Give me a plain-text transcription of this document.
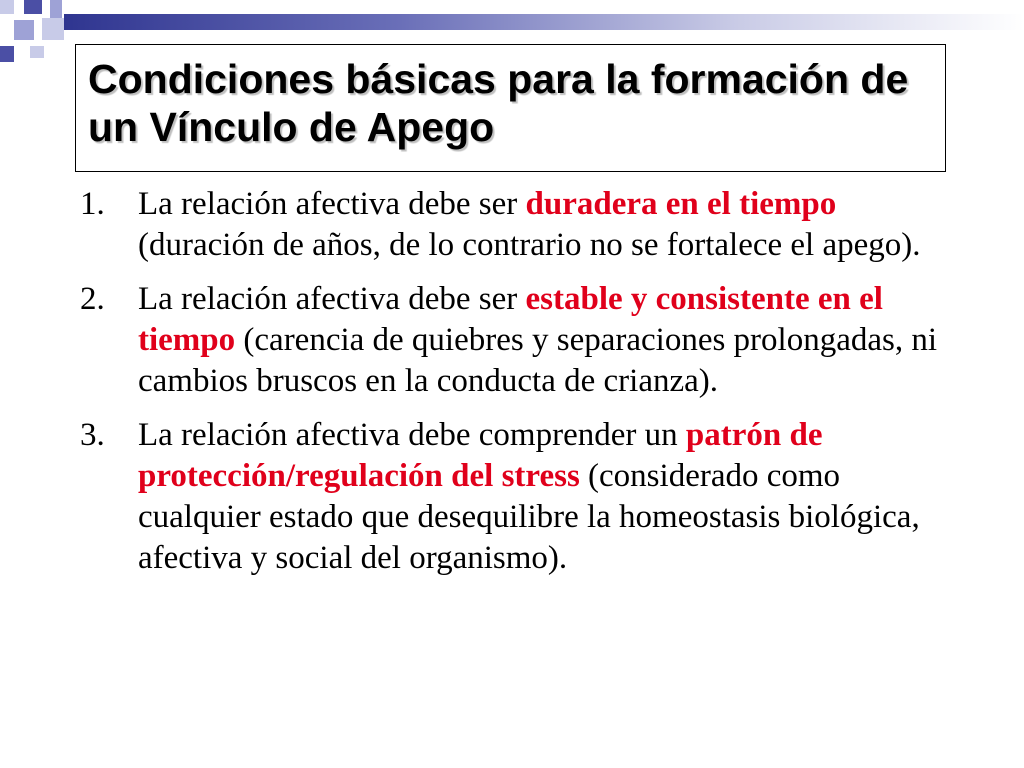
Condiciones básicas para la formación de un Vínculo de Apego
1.	La relación afectiva debe ser duradera en el tiempo (duración de años, de lo contrario no se fortalece el apego).
2.	La relación afectiva debe ser estable y consistente en el tiempo (carencia de quiebres y separaciones prolongadas, ni cambios bruscos en la conducta de crianza).
3.	La relación afectiva debe comprender un patrón de protección/regulación del stress (considerado como cualquier estado que desequilibre la homeostasis biológica, afectiva y social del organismo).
